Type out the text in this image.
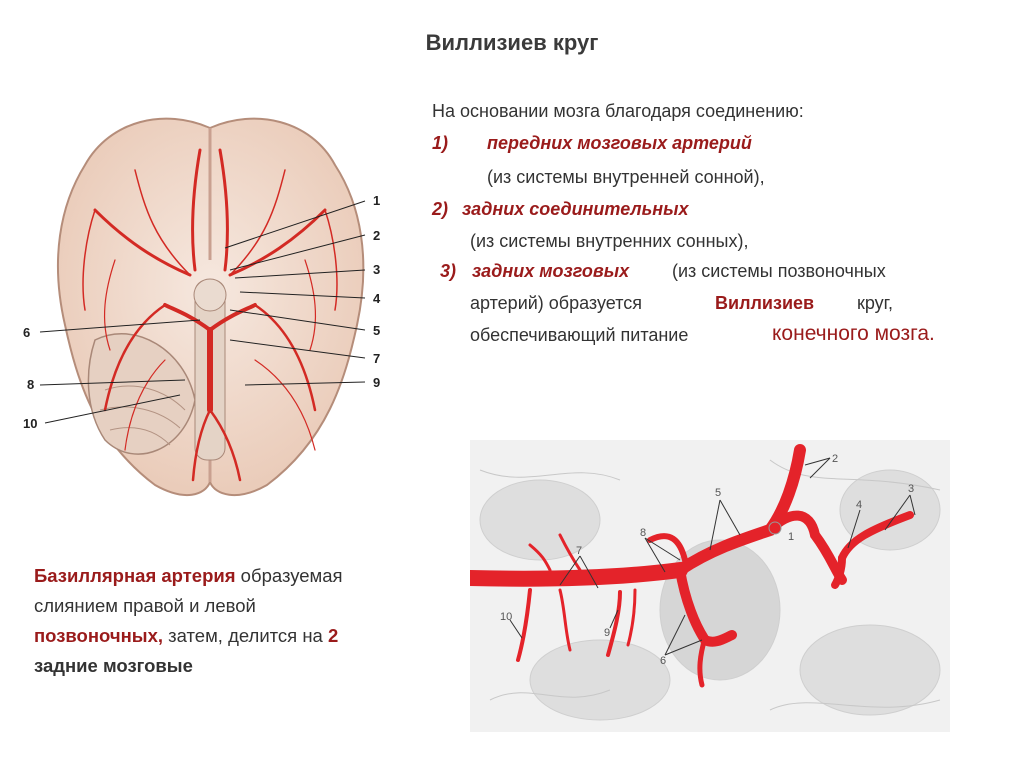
Виллизиев круг
На основании мозга благодаря соединению:
1) передних мозговых артерий
(из системы внутренней сонной),
2) задних соединительных
(из системы внутренних сонных),
3) задних мозговых (из системы позвоночных
артерий) образуется	Виллизиев круг,
обеспечивающий питание	конечного мозга.
Базиллярная артерия образуемая
слиянием правой и левой
позвоночных, затем, делится на 2
задние мозговые
1
2
3
4
5
6
7
8	9
10
2
5	3
4
8	1
7
10
9
6
